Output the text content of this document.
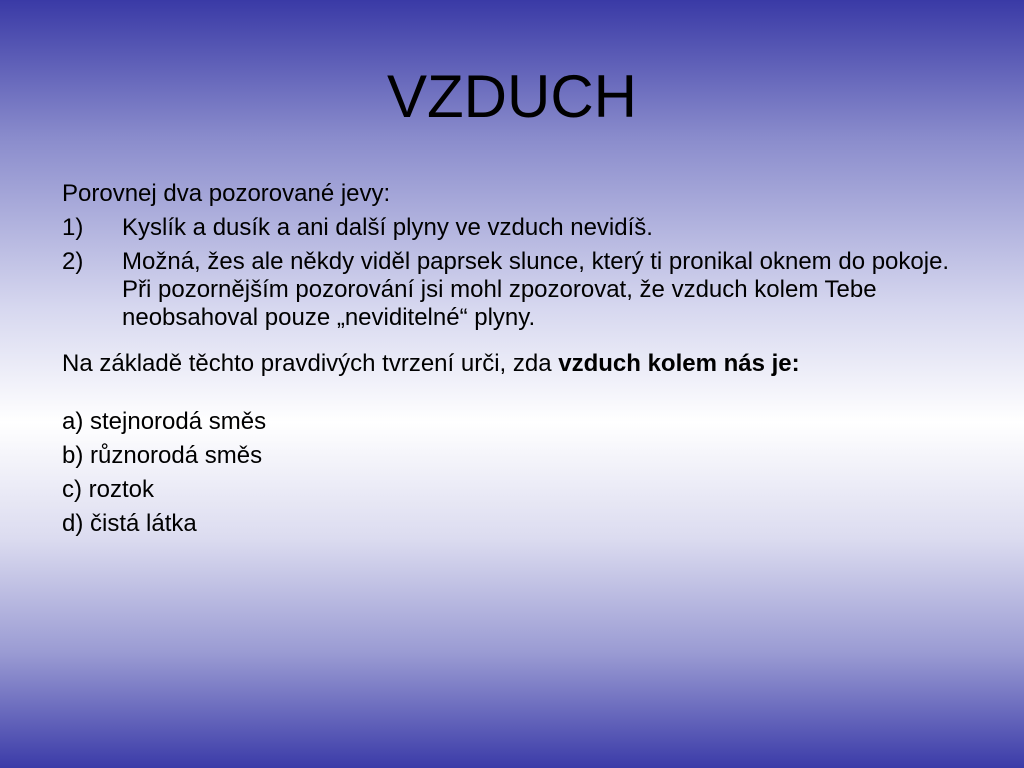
VZDUCH

Porovnej dva pozorované jevy:

1) Kyslík a dusík a ani další plyny ve vzduch nevidíš.

2) Možná, žes ale někdy viděl paprsek slunce, který ti pronikal oknem do pokoje. Při pozornějším pozorování jsi mohl zpozorovat, že vzduch kolem Tebe neobsahoval pouze „neviditelné“ plyny.

Na základě těchto pravdivých tvrzení urči, zda vzduch kolem nás je:

a) stejnorodá směs

b) různorodá směs

c) roztok

d) čistá látka
